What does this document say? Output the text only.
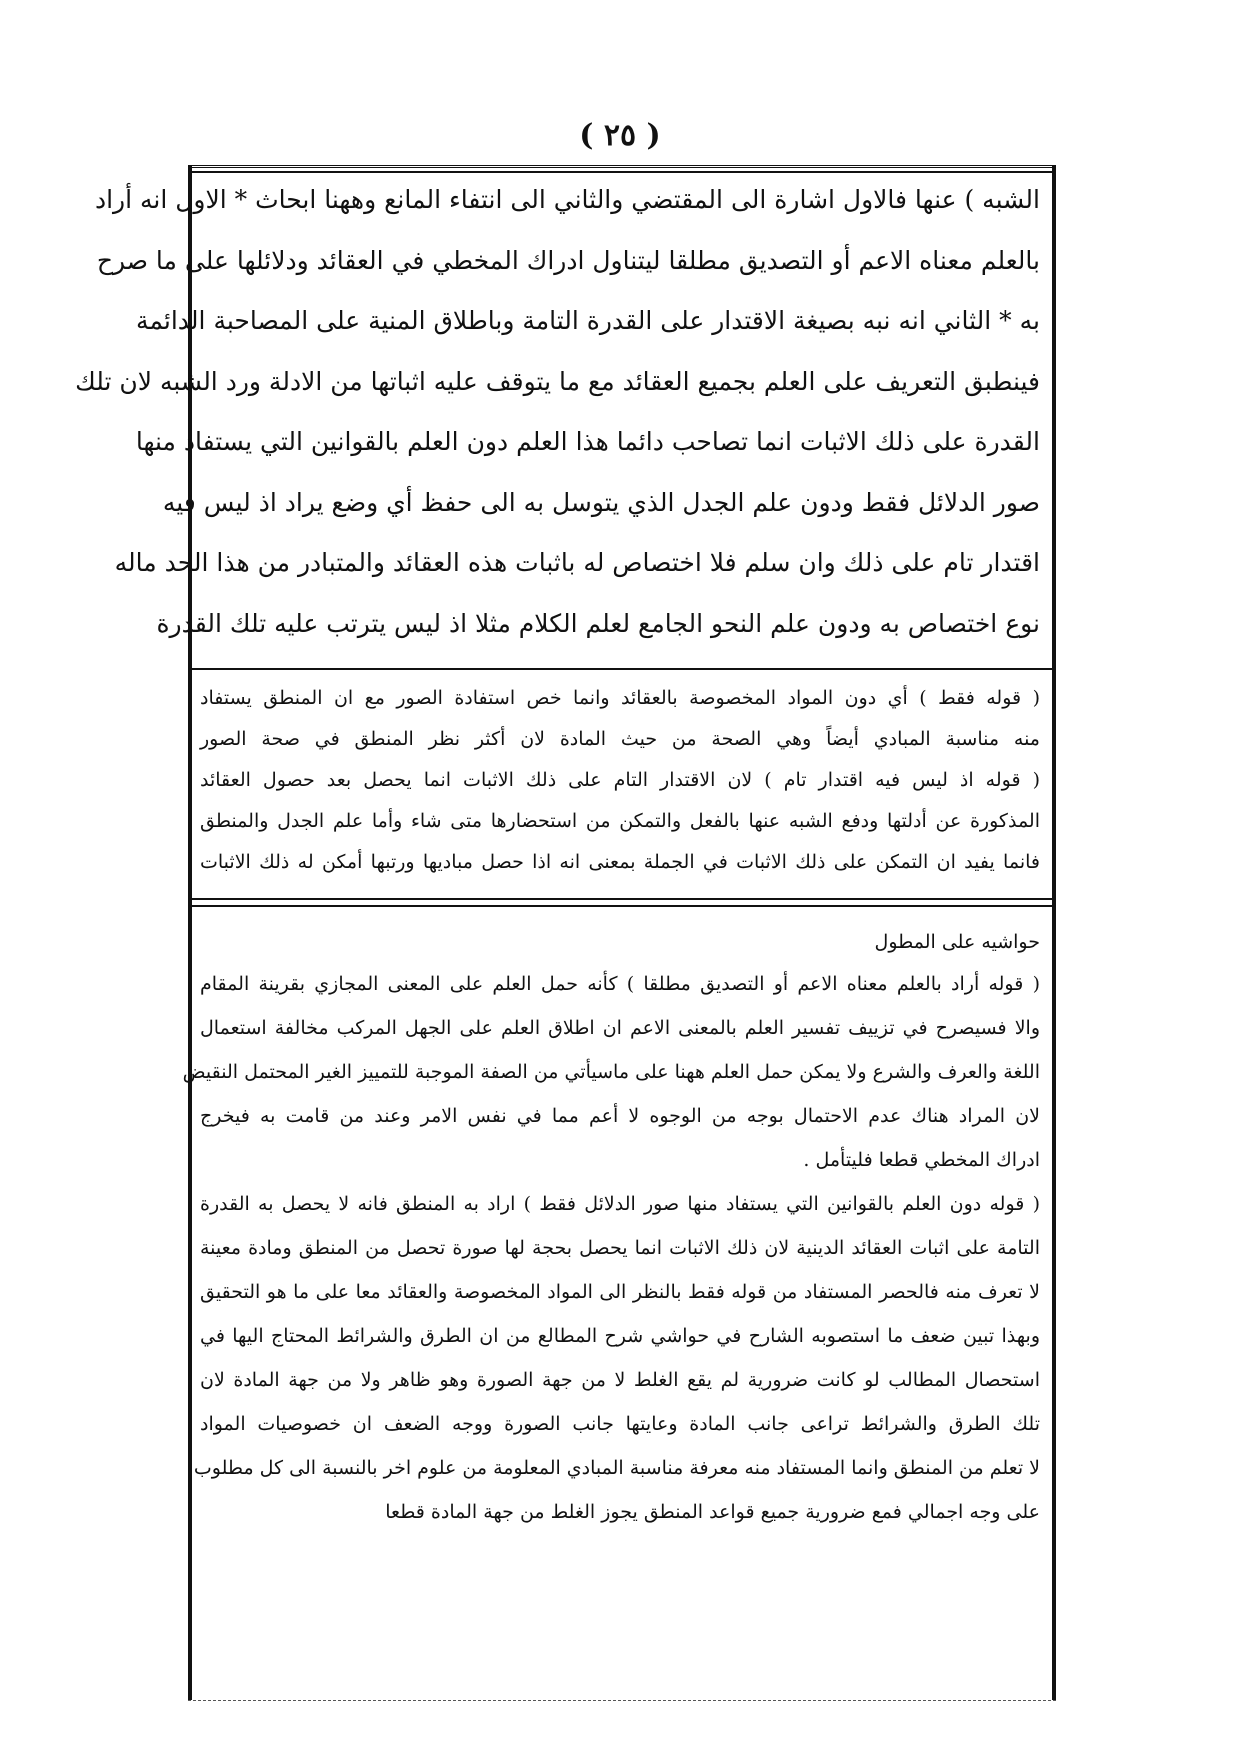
( ٢٥ )
الشبه ) عنها فالاول اشارة الى المقتضي والثاني الى انتفاء المانع وههنا ابحاث * الاول انه أراد
بالعلم معناه الاعم أو التصديق مطلقا ليتناول ادراك المخطي في العقائد ودلائلها على ما صرح
به * الثاني انه نبه بصيغة الاقتدار على القدرة التامة وباطلاق المنية على المصاحبة الدائمة
فينطبق التعريف على العلم بجميع العقائد مع ما يتوقف عليه اثباتها من الادلة ورد الشبه لان تلك
القدرة على ذلك الاثبات انما تصاحب دائما هذا العلم دون العلم بالقوانين التي يستفاد منها
صور الدلائل فقط ودون علم الجدل الذي يتوسل به الى حفظ أي وضع يراد اذ ليس فيه
اقتدار تام على ذلك وان سلم فلا اختصاص له باثبات هذه العقائد والمتبادر من هذا الحد ماله
نوع اختصاص به ودون علم النحو الجامع لعلم الكلام مثلا اذ ليس يترتب عليه تلك القدرة
( قوله فقط ) أي دون المواد المخصوصة بالعقائد وانما خص استفادة الصور مع ان المنطق يستفاد
منه مناسبة المبادي أيضاً وهي الصحة من حيث المادة لان أكثر نظر المنطق في صحة الصور
( قوله اذ ليس فيه اقتدار تام ) لان الاقتدار التام على ذلك الاثبات انما يحصل بعد حصول العقائد
المذكورة عن أدلتها ودفع الشبه عنها بالفعل والتمكن من استحضارها متى شاء وأما علم الجدل والمنطق
فانما يفيد ان التمكن على ذلك الاثبات في الجملة بمعنى انه اذا حصل مباديها ورتبها أمكن له ذلك الاثبات
حواشيه على المطول
( قوله أراد بالعلم معناه الاعم أو التصديق مطلقا ) كأنه حمل العلم على المعنى المجازي بقرينة المقام
والا فسيصرح في تزييف تفسير العلم بالمعنى الاعم ان اطلاق العلم على الجهل المركب مخالفة استعمال
اللغة والعرف والشرع ولا يمكن حمل العلم ههنا على ماسيأتي من الصفة الموجبة للتمييز الغير المحتمل النقيض
لان المراد هناك عدم الاحتمال بوجه من الوجوه لا أعم مما في نفس الامر وعند من قامت به فيخرج
ادراك المخطي قطعا فليتأمل .
( قوله دون العلم بالقوانين التي يستفاد منها صور الدلائل فقط ) اراد به المنطق فانه لا يحصل به القدرة
التامة على اثبات العقائد الدينية لان ذلك الاثبات انما يحصل بحجة لها صورة تحصل من المنطق ومادة معينة
لا تعرف منه فالحصر المستفاد من قوله فقط بالنظر الى المواد المخصوصة والعقائد معا على ما هو التحقيق
وبهذا تبين ضعف ما استصوبه الشارح في حواشي شرح المطالع من ان الطرق والشرائط المحتاج اليها في
استحصال المطالب لو كانت ضرورية لم يقع الغلط لا من جهة الصورة وهو ظاهر ولا من جهة المادة لان
تلك الطرق والشرائط تراعى جانب المادة وعايتها جانب الصورة ووجه الضعف ان خصوصيات المواد
لا تعلم من المنطق وانما المستفاد منه معرفة مناسبة المبادي المعلومة من علوم اخر بالنسبة الى كل مطلوب
على وجه اجمالي فمع ضرورية جميع قواعد المنطق يجوز الغلط من جهة المادة قطعا
